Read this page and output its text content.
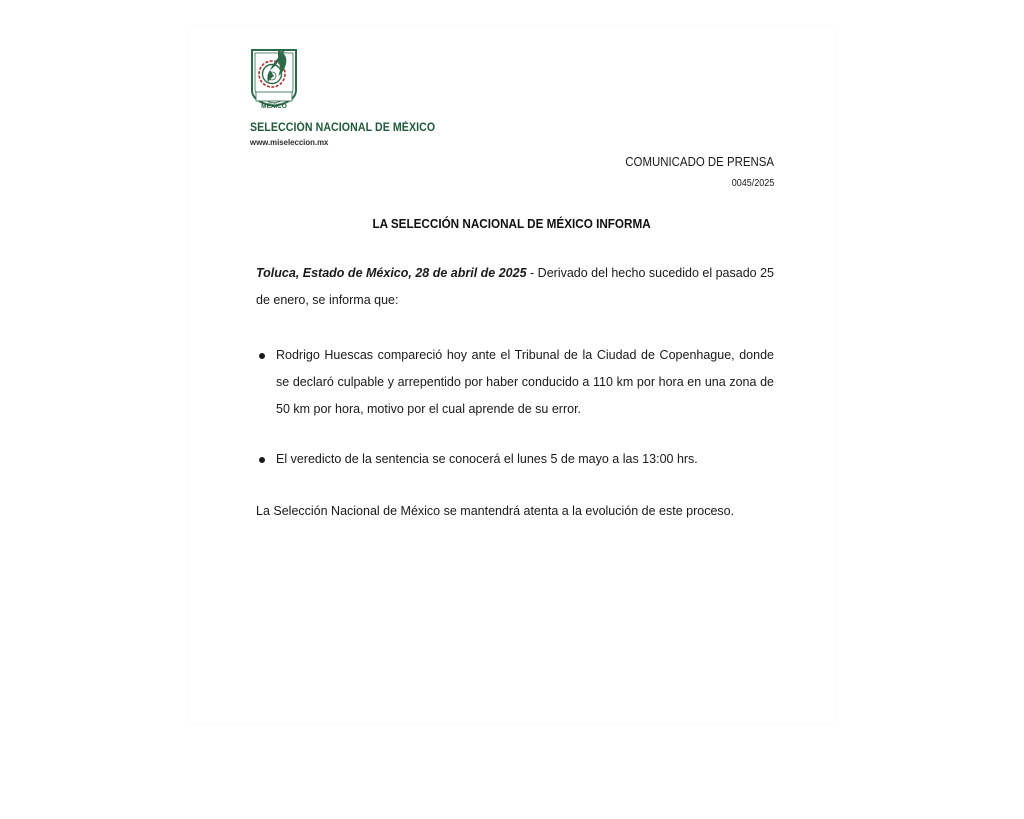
MÉXICO
SELECCIÓN NACIONAL DE MÉXICO
www.miseleccion.mx
COMUNICADO DE PRENSA
0045/2025
LA SELECCIÓN NACIONAL DE MÉXICO INFORMA
Toluca, Estado de México, 28 de abril de 2025 - Derivado del hecho sucedido el pasado 25 de enero, se informa que:
Rodrigo Huescas compareció hoy ante el Tribunal de la Ciudad de Copenhague, donde se declaró culpable y arrepentido por haber conducido a 110 km por hora en una zona de 50 km por hora, motivo por el cual aprende de su error.
El veredicto de la sentencia se conocerá el lunes 5 de mayo a las 13:00 hrs.
La Selección Nacional de México se mantendrá atenta a la evolución de este proceso.
